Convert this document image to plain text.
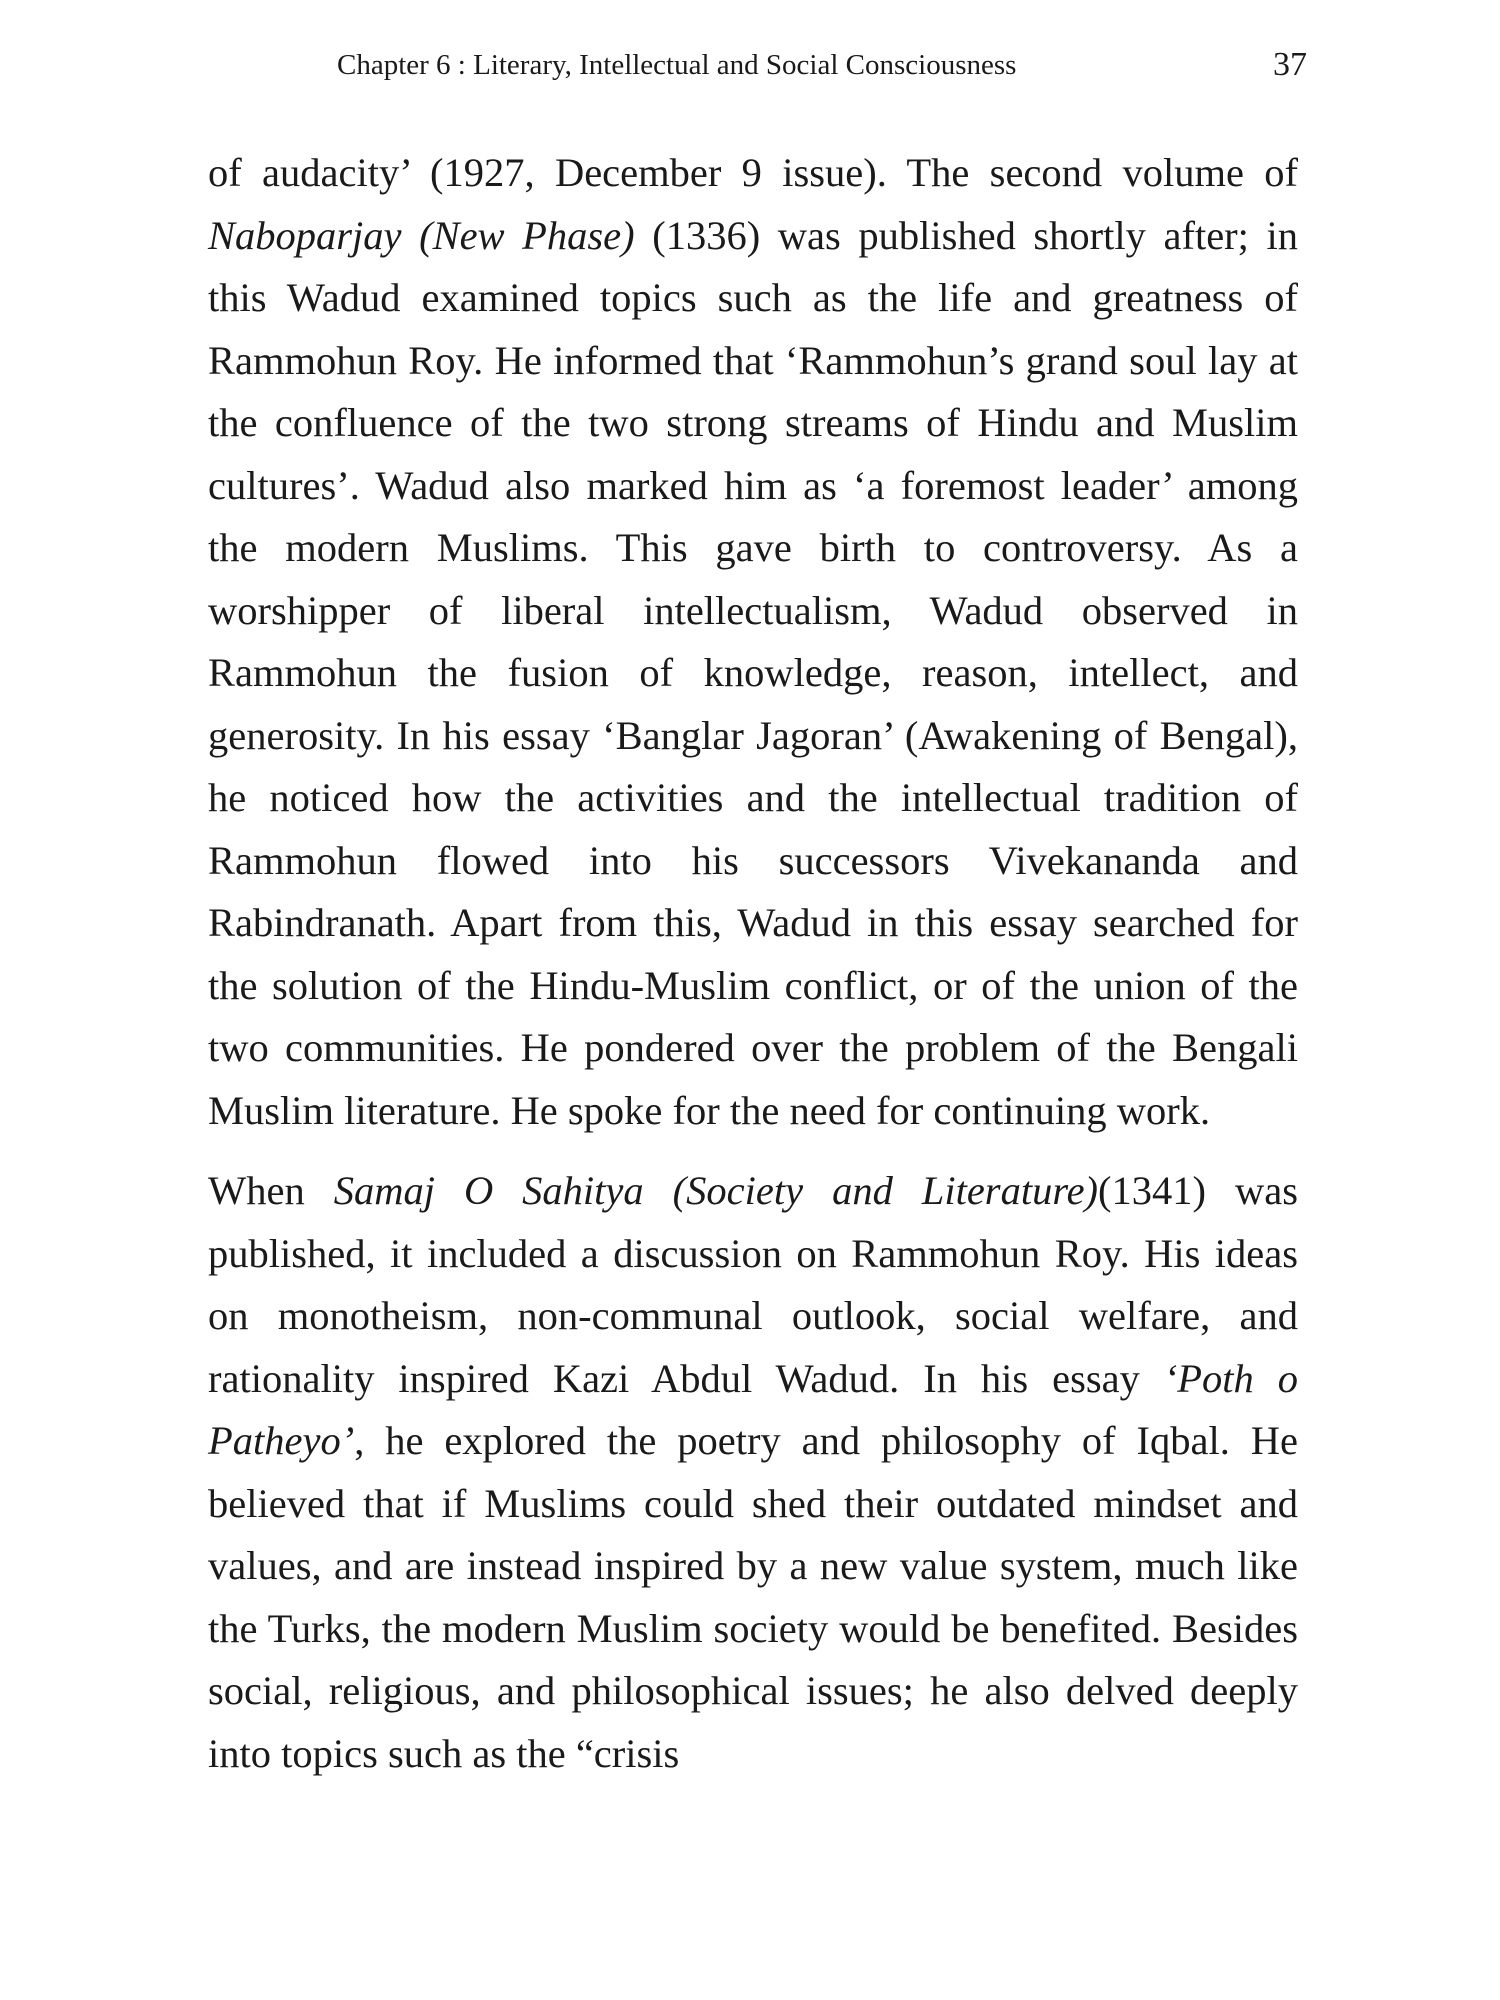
Chapter 6 : Literary, Intellectual and Social Consciousness	37

of audacity’ (1927, December 9 issue). The second volume of Naboparjay (New Phase) (1336) was published shortly after; in this Wadud examined topics such as the life and greatness of Rammohun Roy. He informed that ‘Rammohun’s grand soul lay at the confluence of the two strong streams of Hindu and Muslim cultures’. Wadud also marked him as ‘a foremost leader’ among the modern Muslims. This gave birth to controversy. As a worshipper of liberal intellectualism, Wadud observed in Rammohun the fusion of knowledge, reason, intellect, and generosity. In his essay ‘Banglar Jagoran’ (Awakening of Bengal), he noticed how the activities and the intellectual tradition of Rammohun flowed into his successors Vivekananda and Rabindranath. Apart from this, Wadud in this essay searched for the solution of the Hindu-Muslim conflict, or of the union of the two communities. He pondered over the problem of the Bengali Muslim literature. He spoke for the need for continuing work.

When Samaj O Sahitya (Society and Literature)(1341) was published, it included a discussion on Rammohun Roy. His ideas on monotheism, non-communal outlook, social welfare, and rationality inspired Kazi Abdul Wadud. In his essay ‘Poth o Patheyo’, he explored the poetry and philosophy of Iqbal. He believed that if Muslims could shed their outdated mindset and values, and are instead inspired by a new value system, much like the Turks, the modern Muslim society would be benefited. Besides social, religious, and philosophical issues; he also delved deeply into topics such as the “crisis
